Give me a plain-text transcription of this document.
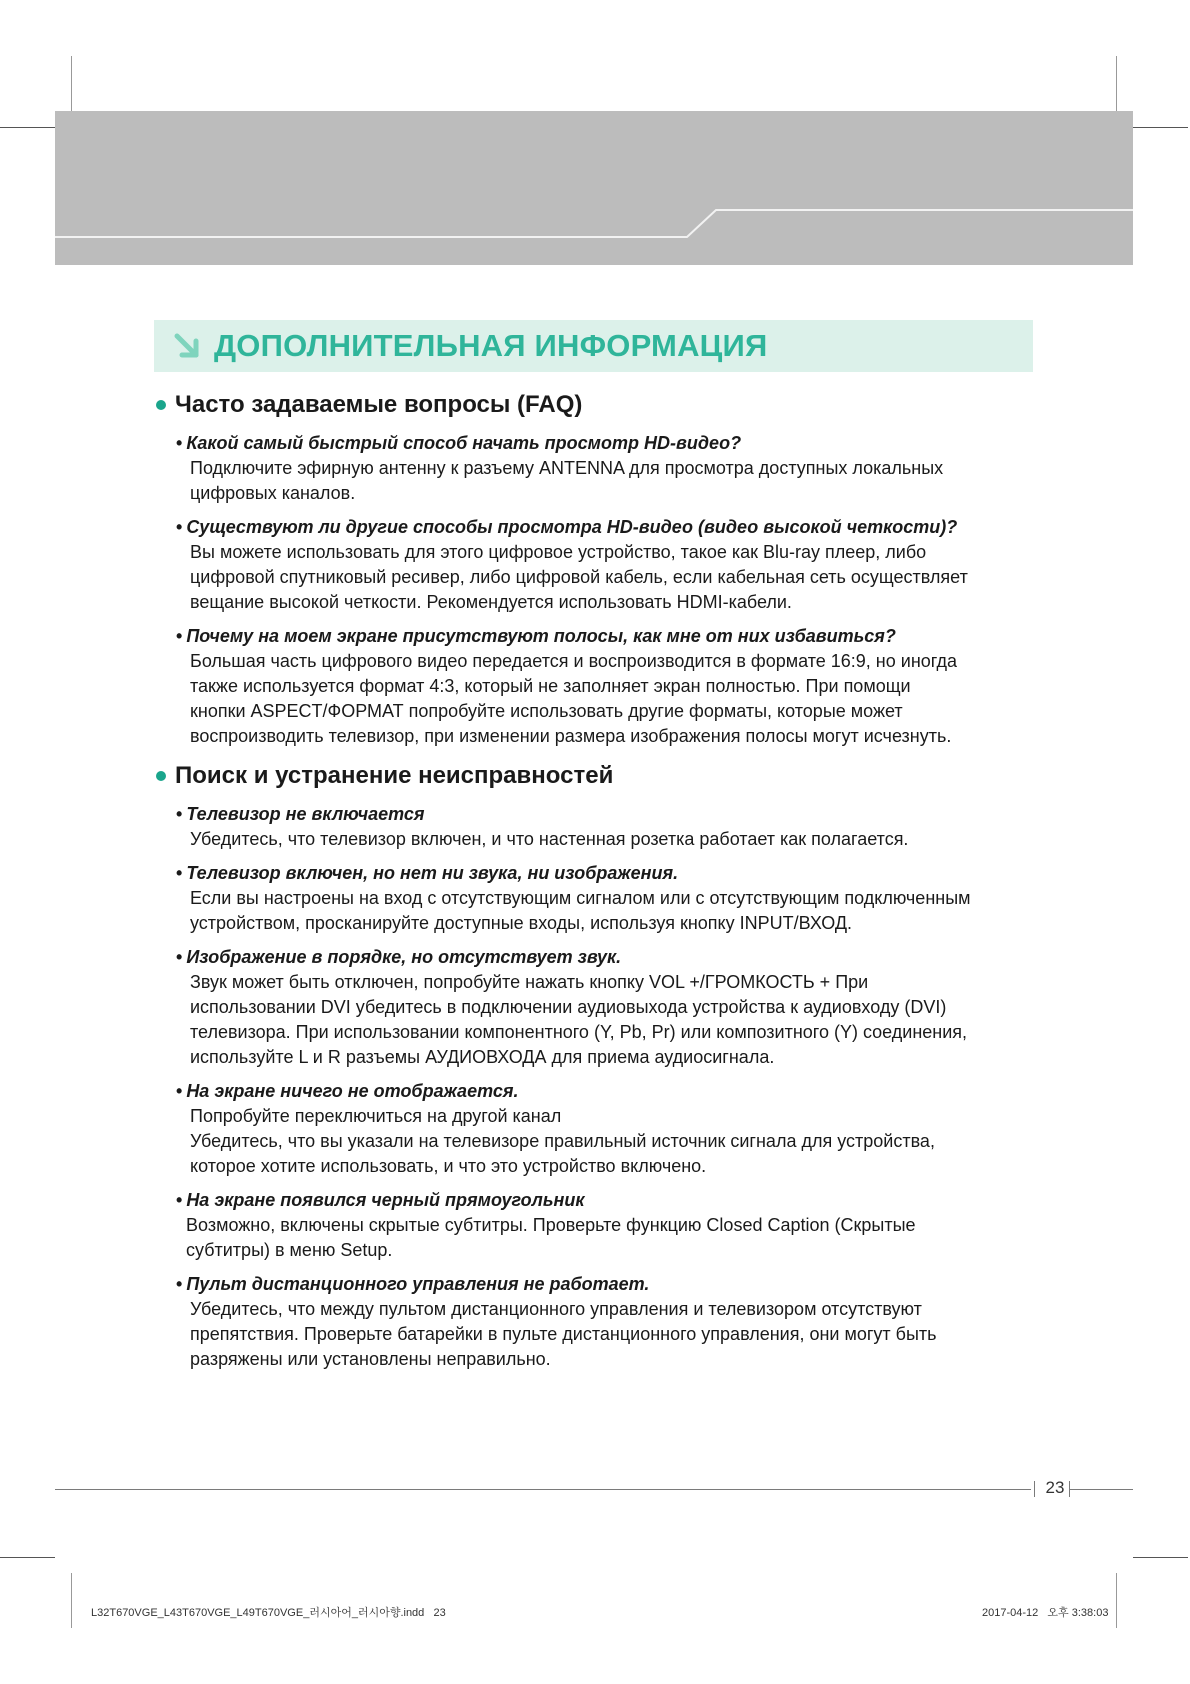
ДОПОЛНИТЕЛЬНАЯ ИНФОРМАЦИЯ
Часто задаваемые вопросы (FAQ)
• Какой самый быстрый способ начать просмотр HD-видео?
Подключите эфирную антенну к разъему ANTENNA для просмотра доступных локальных
цифровых каналов.
• Существуют ли другие способы просмотра HD-видео (видео высокой четкости)?
Вы можете использовать для этого цифровое устройство, такое как Blu-ray плеер, либо
цифровой спутниковый ресивер, либо цифровой кабель, если кабельная сеть осуществляет
вещание высокой четкости. Рекомендуется использовать HDMI-кабели.
• Почему на моем экране присутствуют полосы, как мне от них избавиться?
Большая часть цифрового видео передается и воспроизводится в формате 16:9, но иногда
также используется формат 4:3, который не заполняет экран полностью. При помощи
кнопки ASPECT/ФОРМАТ попробуйте использовать другие форматы, которые может
воспроизводить телевизор, при изменении размера изображения полосы могут исчезнуть.
Поиск и устранение неисправностей
• Телевизор не включается
Убедитесь, что телевизор включен, и что настенная розетка работает как полагается.
• Телевизор включен, но нет ни звука, ни изображения.
Если вы настроены на вход с отсутствующим сигналом или с отсутствующим подключенным
устройством, просканируйте доступные входы, используя кнопку INPUT/ВХОД.
• Изображение в порядке, но отсутствует звук.
Звук может быть отключен, попробуйте нажать кнопку VOL +/ГРОМКОСТЬ + При
использовании DVI убедитесь в подключении аудиовыхода устройства к аудиовходу (DVI)
телевизора. При использовании компонентного (Y, Pb, Pr) или композитного (Y) соединения,
используйте L и R разъемы АУДИОВХОДА для приема аудиосигнала.
• На экране ничего не отображается.
Попробуйте переключиться на другой канал
Убедитесь, что вы указали на телевизоре правильный источник сигнала для устройства,
которое хотите использовать, и что это устройство включено.
• На экране появился черный прямоугольник
Возможно, включены скрытые субтитры. Проверьте функцию Closed Caption (Скрытые
субтитры) в меню Setup.
• Пульт дистанционного управления не работает.
Убедитесь, что между пультом дистанционного управления и телевизором отсутствуют
препятствия. Проверьте батарейки в пульте дистанционного управления, они могут быть
разряжены или установлены неправильно.
23
L32T670VGE_L43T670VGE_L49T670VGE_러시아어_러시아향.indd   23	2017-04-12   오후 3:38:03
